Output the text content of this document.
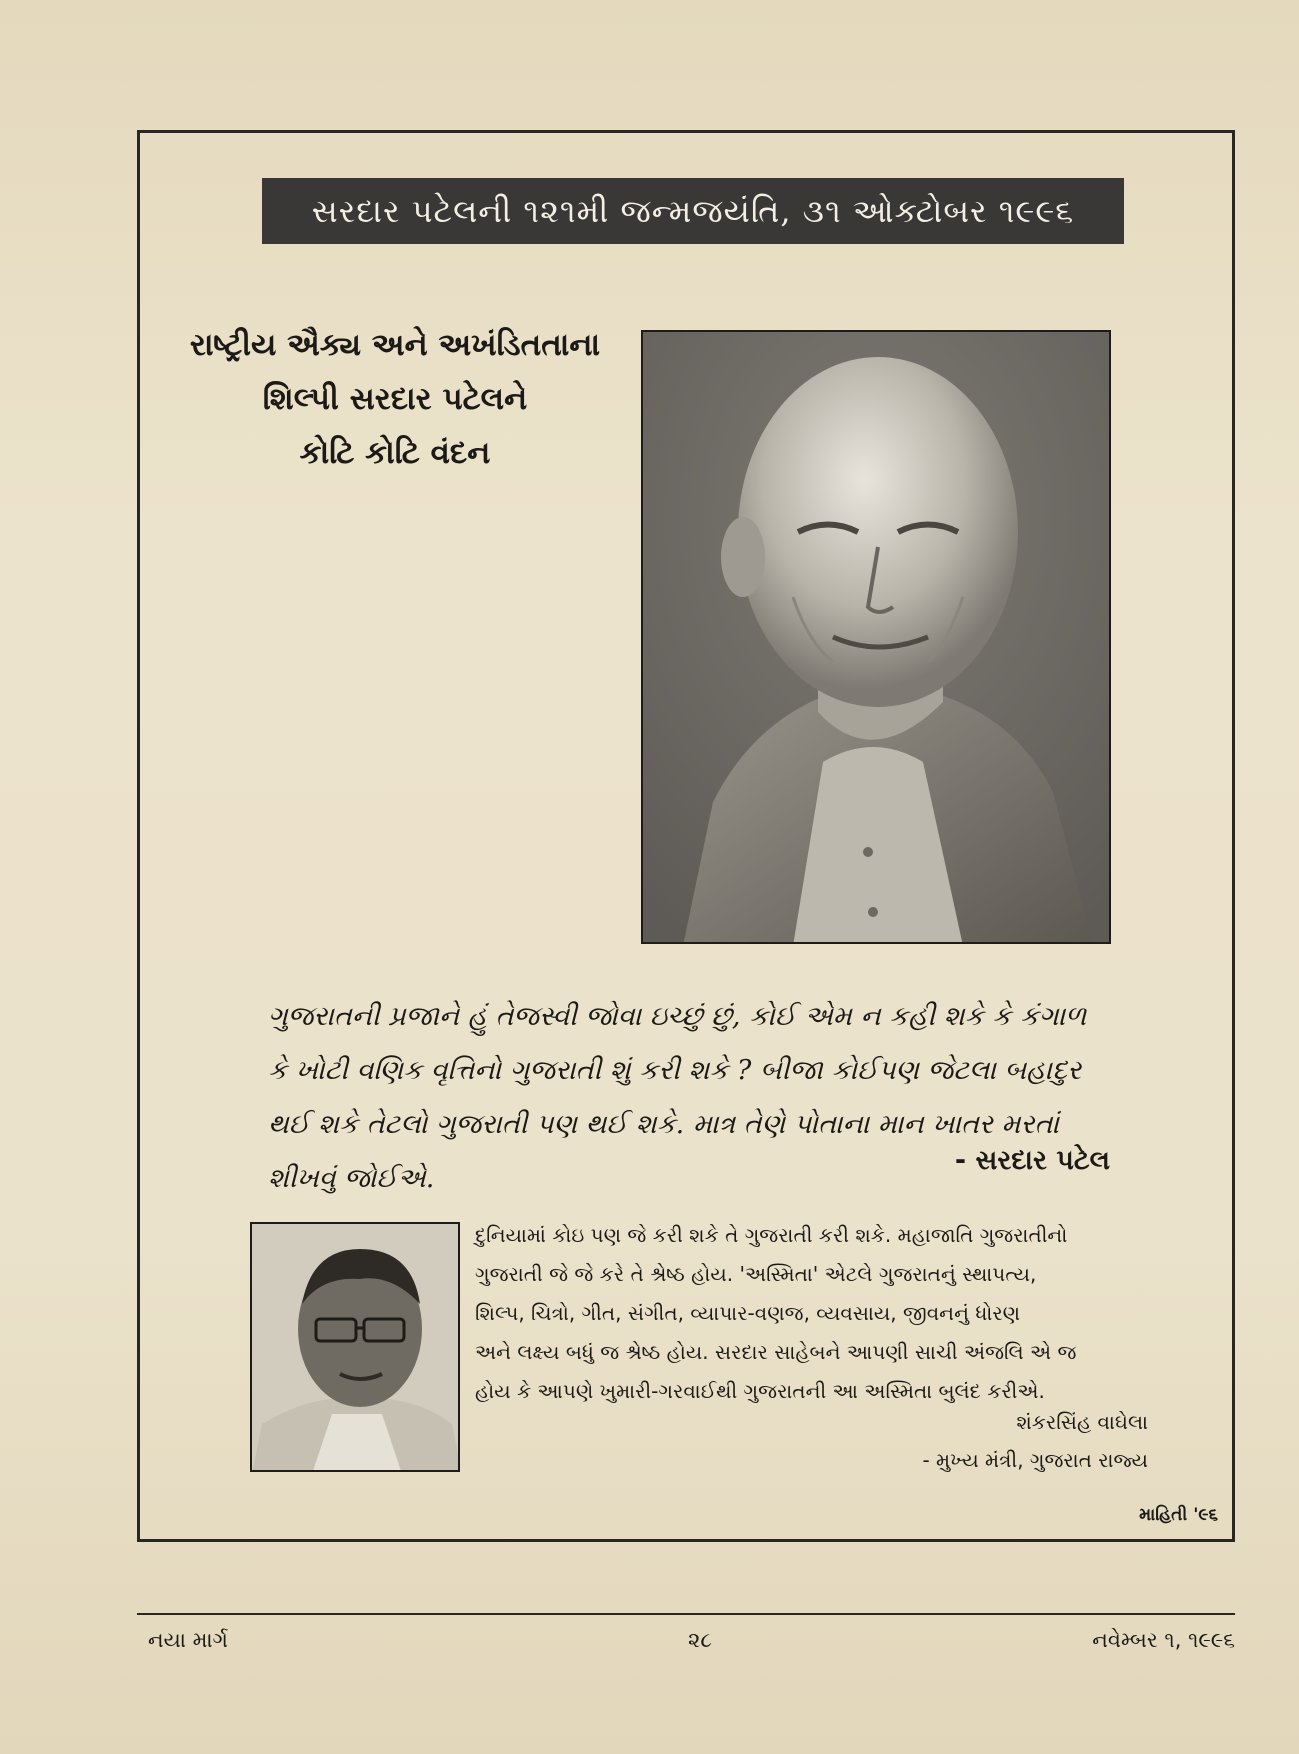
સરદાર પટેલની ૧૨૧મી જન્મજયંતિ, ૩૧ ઓક્ટોબર ૧૯૯૬
રાષ્ટ્રીય ઐક્ય અને અખંડિતતાના
શિલ્પી સરદાર પટેલને
કોટિ કોટિ વંદન
ગુજરાતની પ્રજાને હું તેજસ્વી જોવા ઇચ્છું છું, કોઈ એમ ન કહી શકે કે કંગાળ
કે ખોટી વણિક વૃત્તિનો ગુજરાતી શું કરી શકે ? બીજા કોઈપણ જેટલા બહાદુર
થઈ શકે તેટલો ગુજરાતી પણ થઈ શકે. માત્ર તેણે પોતાના માન ખાતર મરતાં
શીખવું જોઈએ.
- સરદાર પટેલ
દુનિયામાં કોઇ પણ જે કરી શકે તે ગુજરાતી કરી શકે. મહાજાતિ ગુજરાતીનો
ગુજરાતી જે જે કરે તે શ્રેષ્ઠ હોય. 'અસ્મિતા' એટલે ગુજરાતનું સ્થાપત્ય,
શિલ્પ, ચિત્રો, ગીત, સંગીત, વ્યાપાર-વણજ, વ્યવસાય, જીવનનું ધોરણ
અને લક્ષ્ય બધું જ શ્રેષ્ઠ હોય. સરદાર સાહેબને આપણી સાચી અંજલિ એ જ
હોય કે આપણે ખુમારી-ગરવાઈથી ગુજરાતની આ અસ્મિતા બુલંદ કરીએ.
શંકરસિંહ વાઘેલા
- મુખ્ય મંત્રી, ગુજરાત રાજ્ય
માહિતી '૯૬
નયા માર્ગ	૨૮	નવેમ્બર ૧, ૧૯૯૬
